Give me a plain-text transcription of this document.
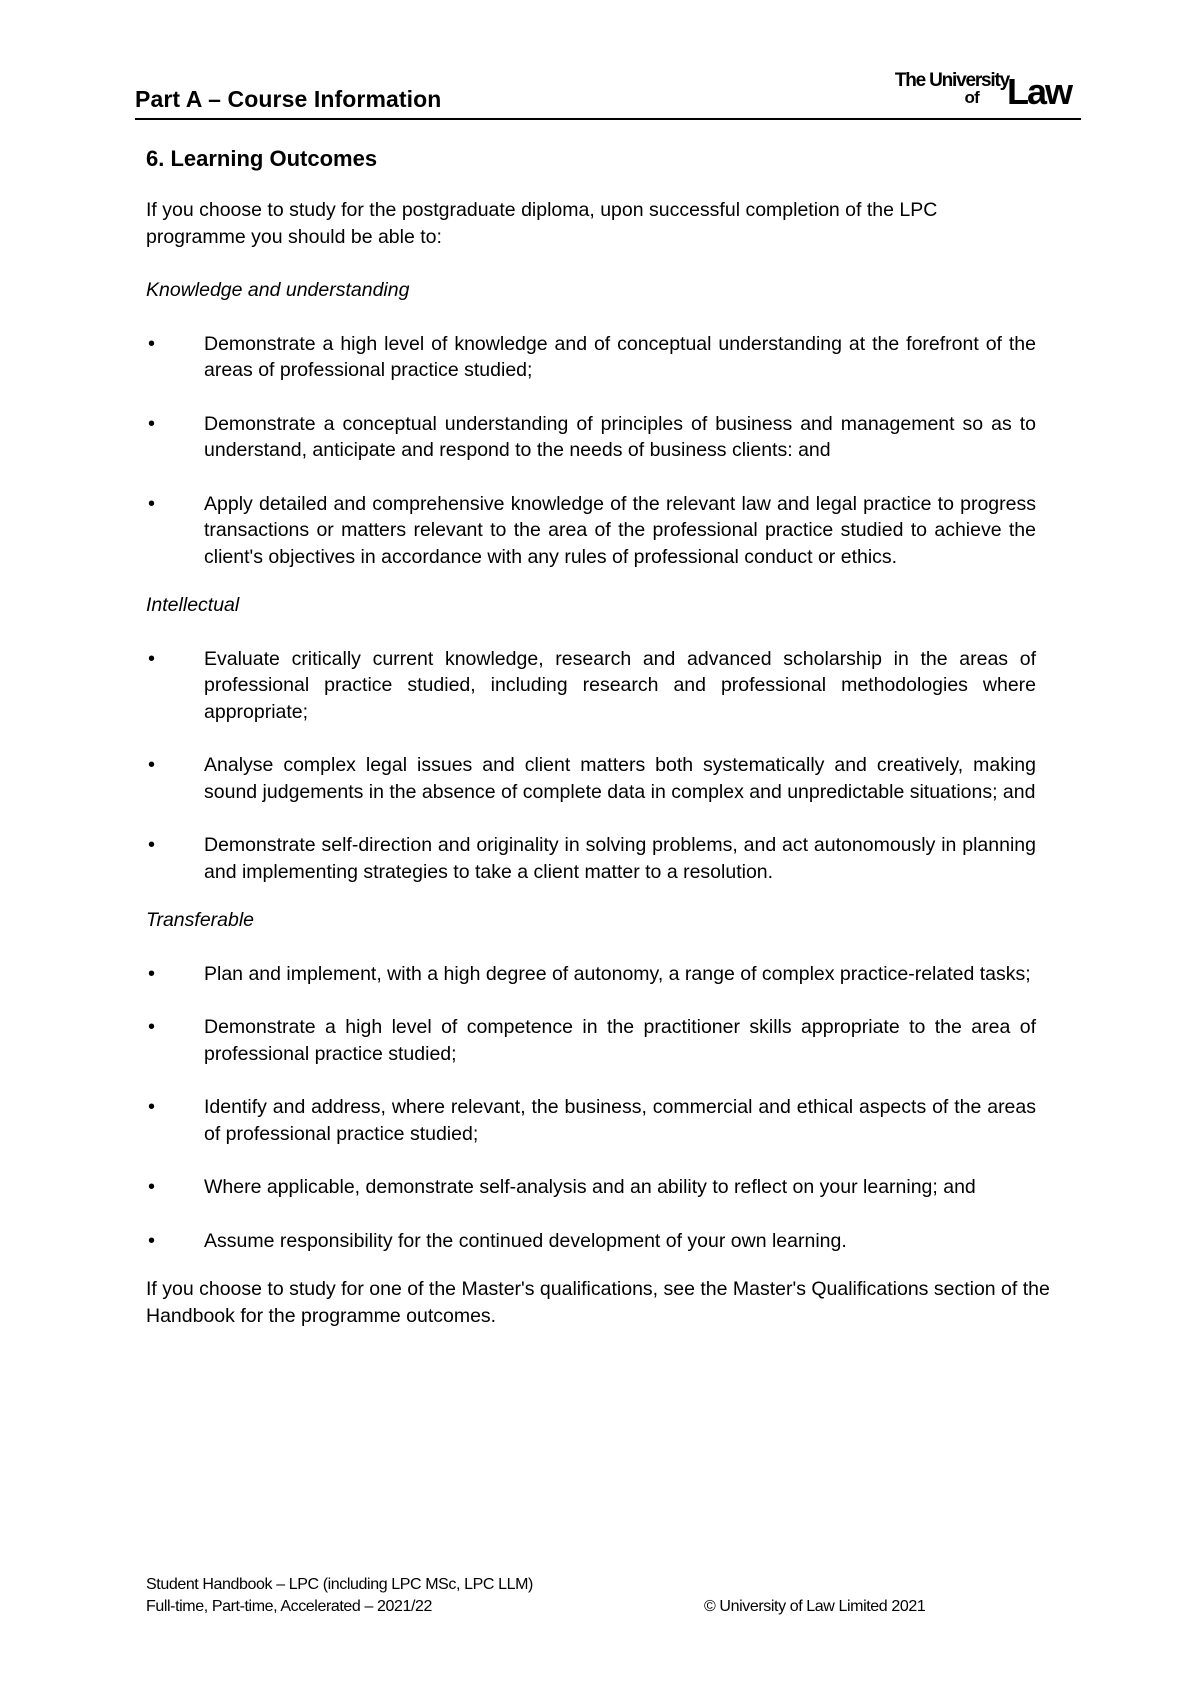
Part A – Course Information
The University
of Law
6. Learning Outcomes

If you choose to study for the postgraduate diploma, upon successful completion of the LPC programme you should be able to:

Knowledge and understanding

•	Demonstrate a high level of knowledge and of conceptual understanding at the forefront of the areas of professional practice studied;
•	Demonstrate a conceptual understanding of principles of business and management so as to understand, anticipate and respond to the needs of business clients: and
•	Apply detailed and comprehensive knowledge of the relevant law and legal practice to progress transactions or matters relevant to the area of the professional practice studied to achieve the client's objectives in accordance with any rules of professional conduct or ethics.

Intellectual

•	Evaluate critically current knowledge, research and advanced scholarship in the areas of professional practice studied, including research and professional methodologies where appropriate;
•	Analyse complex legal issues and client matters both systematically and creatively, making sound judgements in the absence of complete data in complex and unpredictable situations; and
•	Demonstrate self-direction and originality in solving problems, and act autonomously in planning and implementing strategies to take a client matter to a resolution.

Transferable

•	Plan and implement, with a high degree of autonomy, a range of complex practice-related tasks;
•	Demonstrate a high level of competence in the practitioner skills appropriate to the area of professional practice studied;
•	Identify and address, where relevant, the business, commercial and ethical aspects of the areas of professional practice studied;
•	Where applicable, demonstrate self-analysis and an ability to reflect on your learning; and
•	Assume responsibility for the continued development of your own learning.

If you choose to study for one of the Master's qualifications, see the Master's Qualifications section of the Handbook for the programme outcomes.

Student Handbook – LPC (including LPC MSc, LPC LLM)
Full-time, Part-time, Accelerated – 2021/22	© University of Law Limited 2021
